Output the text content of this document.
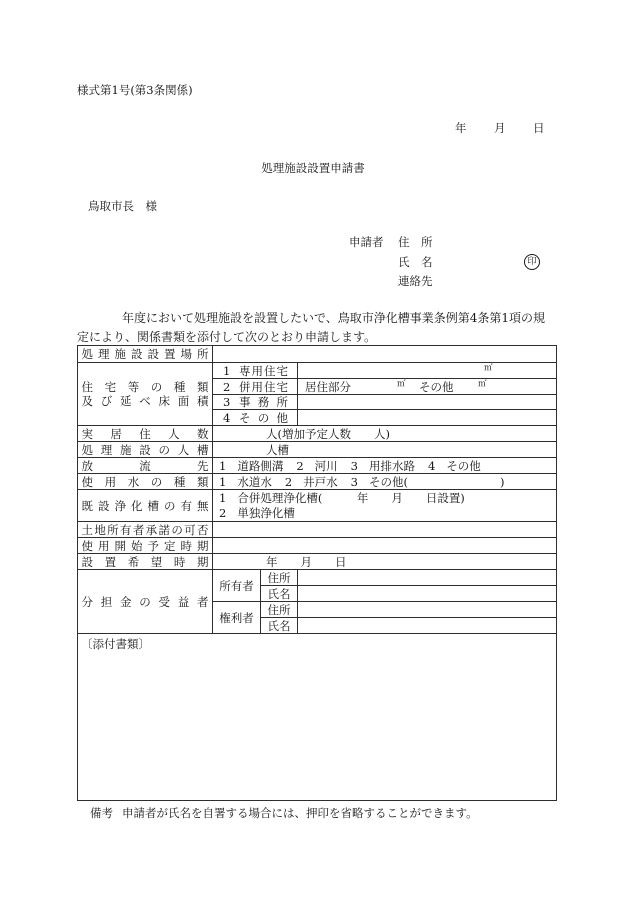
様式第1号(第3条関係)
年　　月　　日
処理施設設置申請書
鳥取市長　様
申請者 住　所
氏　名	印
連絡先
年度において処理施設を設置したいで、鳥取市浄化槽事業条例第4条第1項の規
定により、関係書類を添付して次のとおり申請します。
処理施設設置場所			

住宅等の種類
及び延べ床面積	1 専用住宅		㎡

	2 併用住宅		居住部分 ㎡ その他 ㎡

	3 事務所		
	4 その他		

実居住人数	人(増加予定人数　　人)		

処理施設の人槽	人槽		

放流先	1 道路側溝 2 河川 3 用排水路 4 その他		

使用水の種類	1 水道水 2 井戸水 3 その他(　　　　　　　　)		

既設浄化槽の有無	1 合併処理浄化槽(　　　年　　月　　日設置)
2 単独浄化槽		

土地所有者承諾の可否			

使用開始予定時期			

設置希望時期	年　　月　　日		

分担金の受益者	所有者	住所	
		氏名	
	権利者	住所	
		氏名	
〔添付書類〕			
備考 申請者が氏名を自署する場合には、押印を省略することができます。
